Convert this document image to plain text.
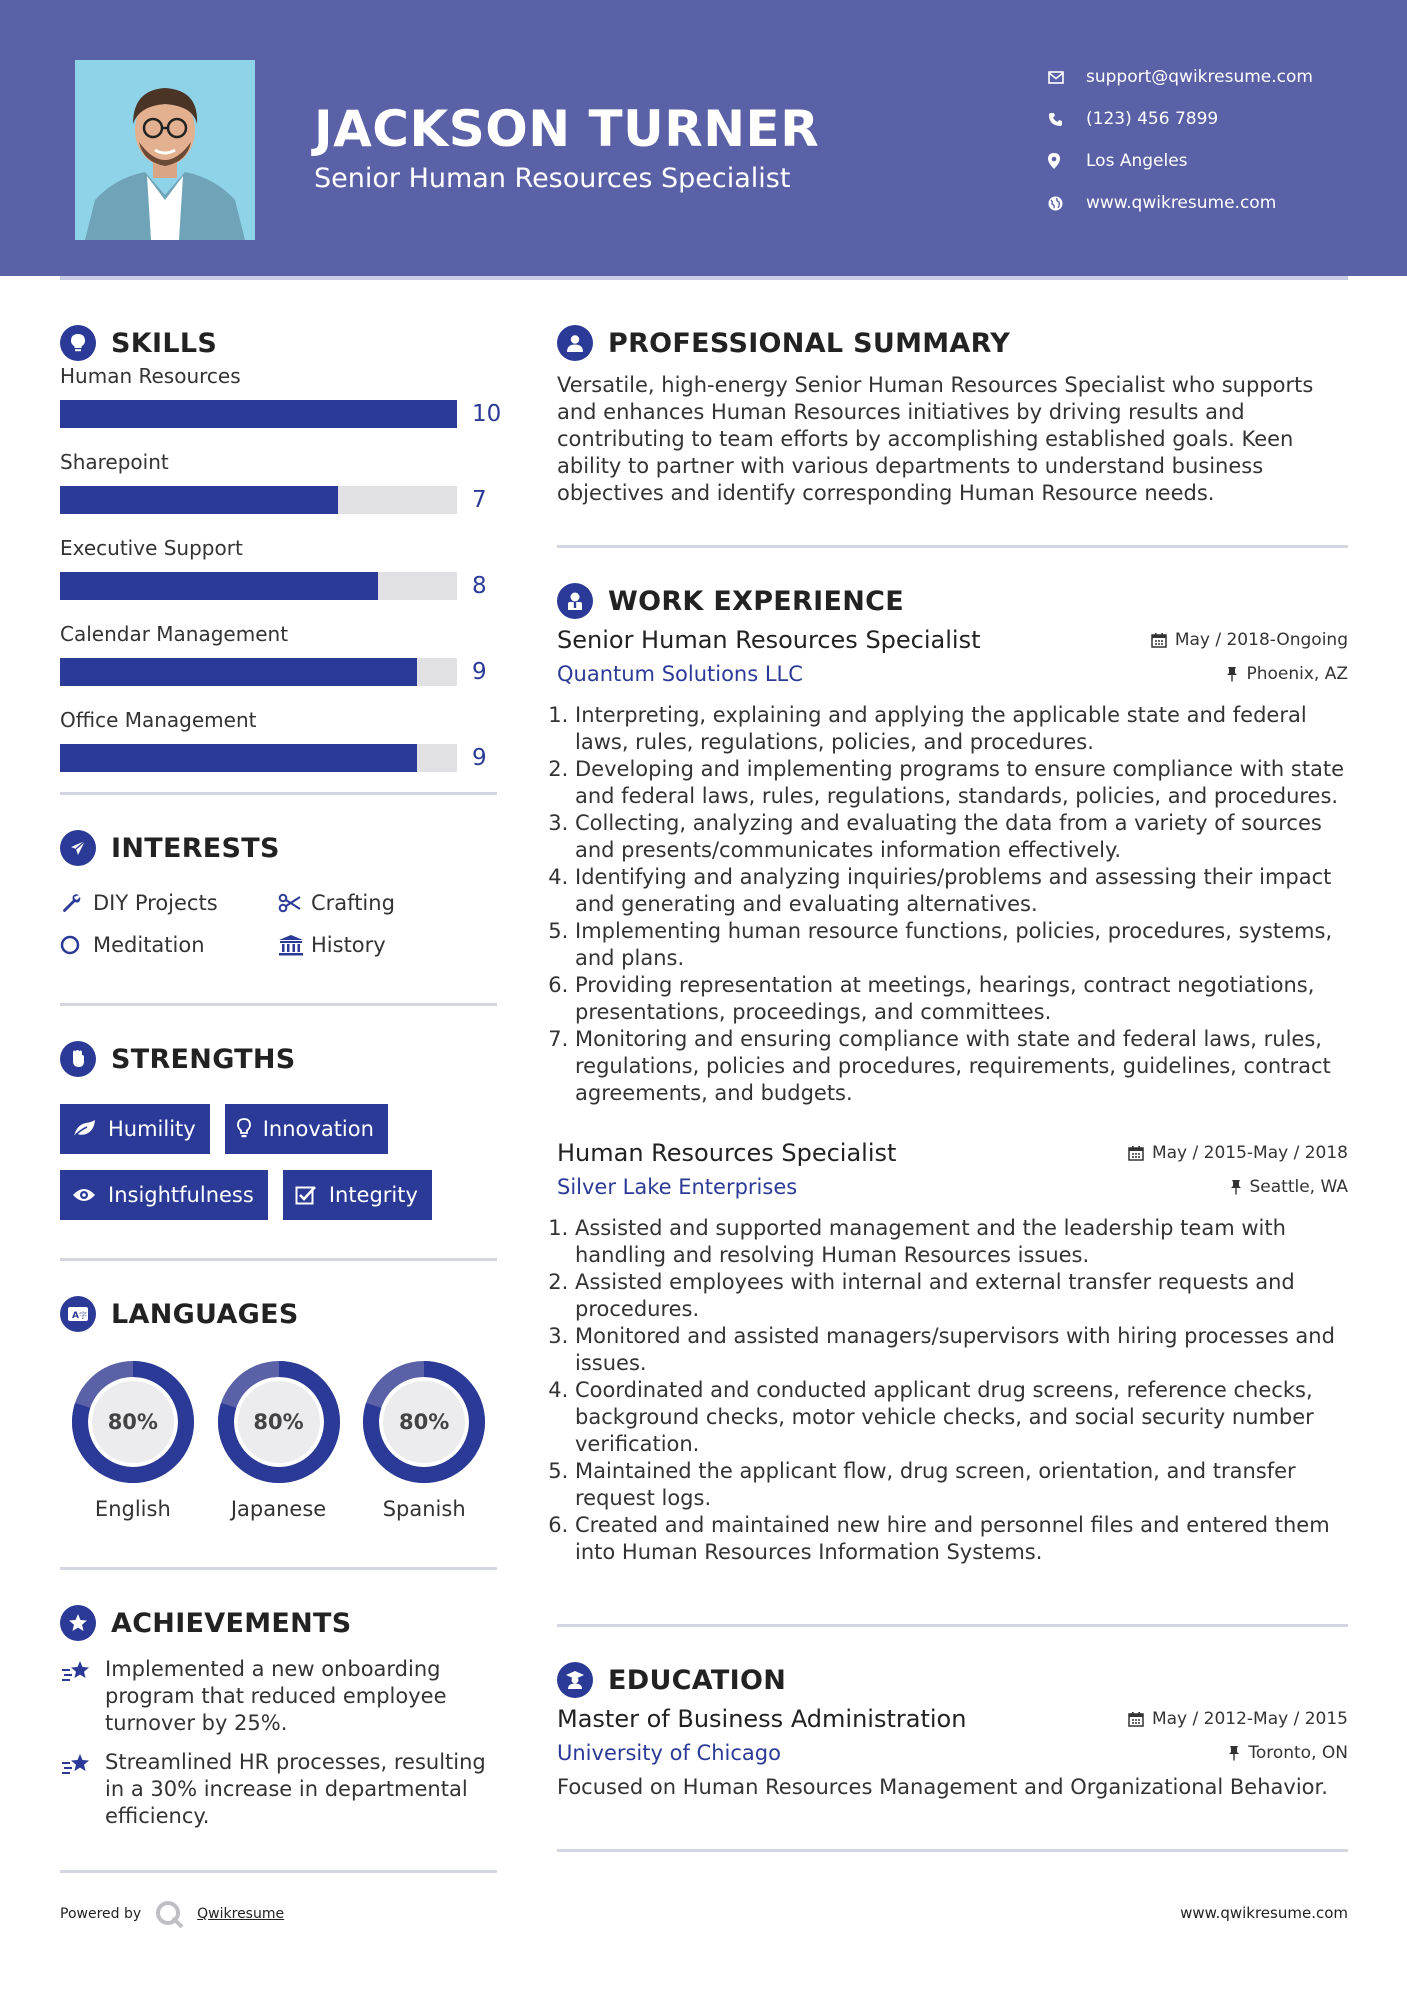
JACKSON TURNER
Senior Human Resources Specialist
support@qwikresume.com
(123) 456 7899
Los Angeles
www.qwikresume.com
SKILLS
Human Resources
10
Sharepoint
7
Executive Support
8
Calendar Management
9
Office Management
9
INTERESTS
DIY Projects	Crafting
Meditation	History
STRENGTHS
Humility	Innovation
Insightfulness	Integrity
A 字 LANGUAGES
80%
English
80%
Japanese
80%
Spanish
ACHIEVEMENTS
Implemented a new onboarding program that reduced employee turnover by 25%.
Streamlined HR processes, resulting in a 30% increase in departmental efficiency.
Powered by	Qwikresume	www.qwikresume.com
PROFESSIONAL SUMMARY

Versatile, high-energy Senior Human Resources Specialist who supports and enhances Human Resources initiatives by driving results and contributing to team efforts by accomplishing established goals. Keen ability to partner with various departments to understand business objectives and identify corresponding Human Resource needs.

WORK EXPERIENCE
Senior Human Resources Specialist	May / 2018-Ongoing
Quantum Solutions LLC	Phoenix, AZ
1. Interpreting, explaining and applying the applicable state and federal laws, rules, regulations, policies, and procedures.
2. Developing and implementing programs to ensure compliance with state and federal laws, rules, regulations, standards, policies, and procedures.
3. Collecting, analyzing and evaluating the data from a variety of sources and presents/communicates information effectively.
4. Identifying and analyzing inquiries/problems and assessing their impact and generating and evaluating alternatives.
5. Implementing human resource functions, policies, procedures, systems, and plans.
6. Providing representation at meetings, hearings, contract negotiations, presentations, proceedings, and committees.
7. Monitoring and ensuring compliance with state and federal laws, rules, regulations, policies and procedures, requirements, guidelines, contract agreements, and budgets.
Human Resources Specialist	May / 2015-May / 2018
Silver Lake Enterprises	Seattle, WA
1. Assisted and supported management and the leadership team with handling and resolving Human Resources issues.
2. Assisted employees with internal and external transfer requests and procedures.
3. Monitored and assisted managers/supervisors with hiring processes and issues.
4. Coordinated and conducted applicant drug screens, reference checks, background checks, motor vehicle checks, and social security number verification.
5. Maintained the applicant flow, drug screen, orientation, and transfer request logs.
6. Created and maintained new hire and personnel files and entered them into Human Resources Information Systems.
EDUCATION
Master of Business Administration	May / 2012-May / 2015
University of Chicago	Toronto, ON
Focused on Human Resources Management and Organizational Behavior.
